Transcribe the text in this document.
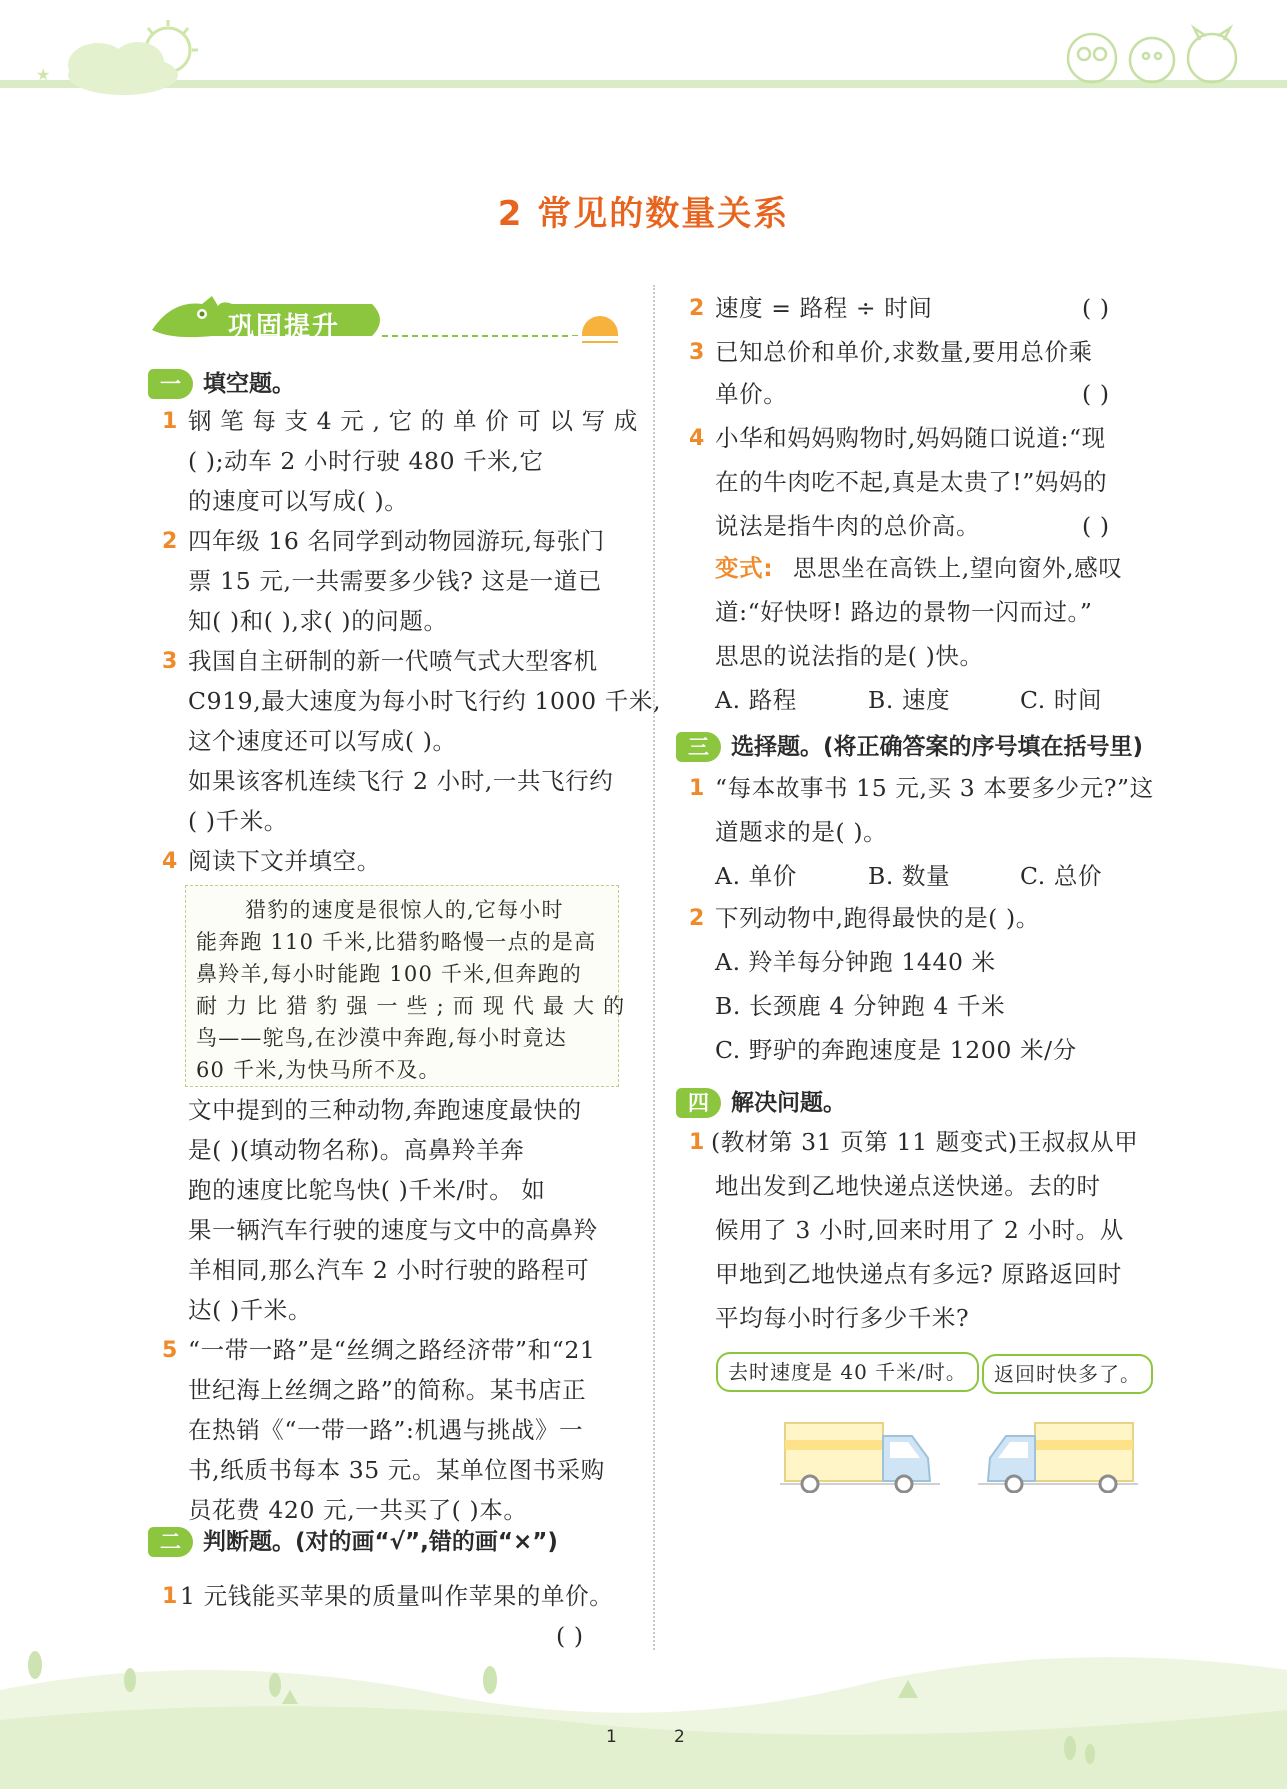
★
2 常见的数量关系
巩固提升
一 填空题。
1 钢 笔 每 支 4 元 , 它 的 单 价 可 以 写 成
( );动车 2 小时行驶 480 千米,它
的速度可以写成( )。
2 四年级 16 名同学到动物园游玩,每张门
票 15 元,一共需要多少钱? 这是一道已
知( )和( ),求( )的问题。
3 我国自主研制的新一代喷气式大型客机
C919,最大速度为每小时飞行约 1000 千米,
这个速度还可以写成( )。
如果该客机连续飞行 2 小时,一共飞行约
( )千米。
4 阅读下文并填空。
猎豹的速度是很惊人的,它每小时
能奔跑 110 千米,比猎豹略慢一点的是高
鼻羚羊,每小时能跑 100 千米,但奔跑的
耐 力 比 猎 豹 强 一 些 ; 而 现 代 最 大 的
鸟——鸵鸟,在沙漠中奔跑,每小时竟达
60 千米,为快马所不及。
文中提到的三种动物,奔跑速度最快的
是( )(填动物名称)。高鼻羚羊奔
跑的速度比鸵鸟快( )千米/时。 如
果一辆汽车行驶的速度与文中的高鼻羚
羊相同,那么汽车 2 小时行驶的路程可
达( )千米。
5 “一带一路”是“丝绸之路经济带”和“21
世纪海上丝绸之路”的简称。某书店正
在热销《“一带一路”:机遇与挑战》一
书,纸质书每本 35 元。某单位图书采购
员花费 420 元,一共买了( )本。
二 判断题。(对的画“√”,错的画“×”)
1 1 元钱能买苹果的质量叫作苹果的单价。
( )
2 速度 = 路程 ÷ 时间	( )
3 已知总价和单价,求数量,要用总价乘
单价。	( )
4 小华和妈妈购物时,妈妈随口说道:“现
在的牛肉吃不起,真是太贵了!”妈妈的
说法是指牛肉的总价高。	( )
变式: 思思坐在高铁上,望向窗外,感叹
道:“好快呀! 路边的景物一闪而过。”
思思的说法指的是( )快。
A. 路程	B. 速度	C. 时间
三 选择题。(将正确答案的序号填在括号里)
1 “每本故事书 15 元,买 3 本要多少元?”这
道题求的是( )。
A. 单价	B. 数量	C. 总价
2 下列动物中,跑得最快的是( )。
A. 羚羊每分钟跑 1440 米
B. 长颈鹿 4 分钟跑 4 千米
C. 野驴的奔跑速度是 1200 米/分
四 解决问题。
1 (教材第 31 页第 11 题变式)王叔叔从甲
地出发到乙地快递点送快递。去的时
候用了 3 小时,回来时用了 2 小时。从
甲地到乙地快递点有多远? 原路返回时
平均每小时行多少千米?
去时速度是 40 千米/时。	返回时快多了。
1	2
